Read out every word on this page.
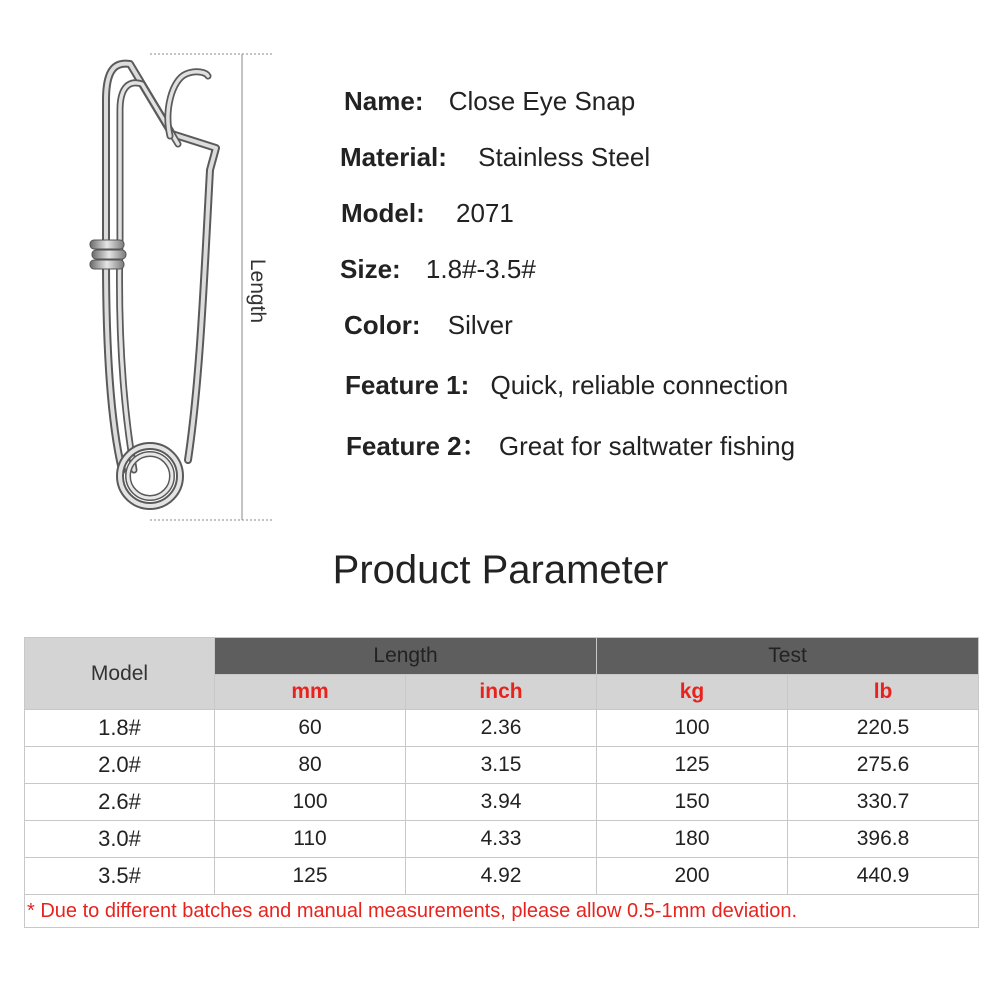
Length
Name: Close Eye Snap
Material: Stainless Steel
Model: 2071
Size: 1.8#-3.5#
Color: Silver
Feature 1: Quick, reliable connection
Feature 2： Great for saltwater fishing
Product Parameter
Model	Length		Test	
	mm	inch	kg	lb
1.8#	60	2.36	100	220.5
2.0#	80	3.15	125	275.6
2.6#	100	3.94	150	330.7
3.0#	110	4.33	180	396.8
3.5#	125	4.92	200	440.9
* Due to different batches and manual measurements, please allow 0.5-1mm deviation.				
